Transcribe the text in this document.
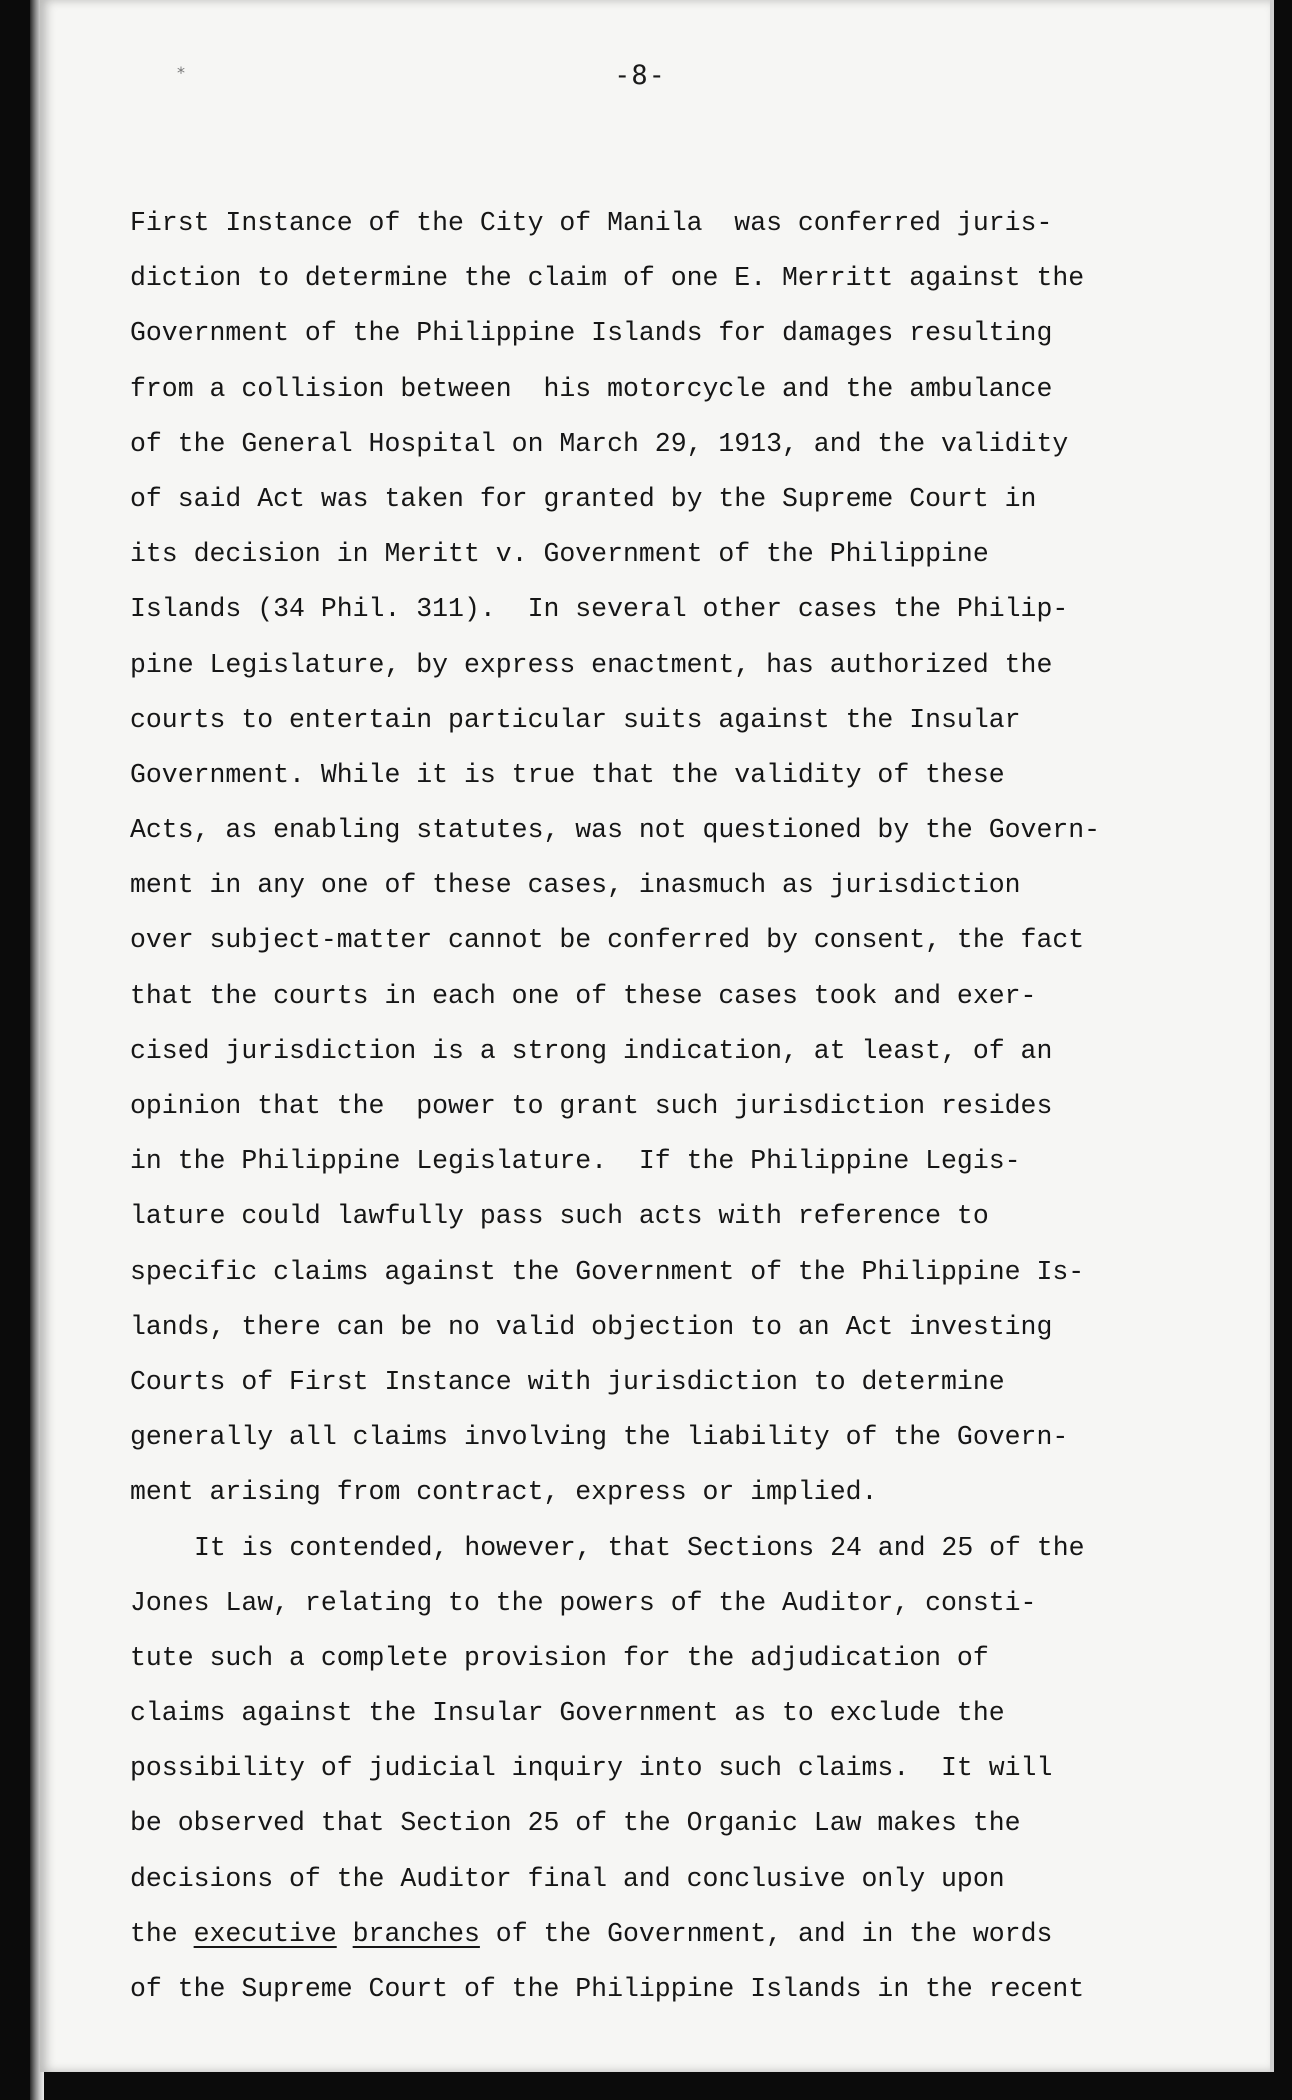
*	-8-
First Instance of the City of Manila  was conferred juris-
diction to determine the claim of one E. Merritt against the
Government of the Philippine Islands for damages resulting
from a collision between  his motorcycle and the ambulance
of the General Hospital on March 29, 1913, and the validity
of said Act was taken for granted by the Supreme Court in
its decision in Meritt v. Government of the Philippine
Islands (34 Phil. 311).  In several other cases the Philip-
pine Legislature, by express enactment, has authorized the
courts to entertain particular suits against the Insular
Government. While it is true that the validity of these
Acts, as enabling statutes, was not questioned by the Govern-
ment in any one of these cases, inasmuch as jurisdiction
over subject-matter cannot be conferred by consent, the fact
that the courts in each one of these cases took and exer-
cised jurisdiction is a strong indication, at least, of an
opinion that the  power to grant such jurisdiction resides
in the Philippine Legislature.  If the Philippine Legis-
lature could lawfully pass such acts with reference to
specific claims against the Government of the Philippine Is-
lands, there can be no valid objection to an Act investing
Courts of First Instance with jurisdiction to determine
generally all claims involving the liability of the Govern-
ment arising from contract, express or implied.
It is contended, however, that Sections 24 and 25 of the
Jones Law, relating to the powers of the Auditor, consti-
tute such a complete provision for the adjudication of
claims against the Insular Government as to exclude the
possibility of judicial inquiry into such claims.  It will
be observed that Section 25 of the Organic Law makes the
decisions of the Auditor final and conclusive only upon
the executive branches of the Government, and in the words
of the Supreme Court of the Philippine Islands in the recent
